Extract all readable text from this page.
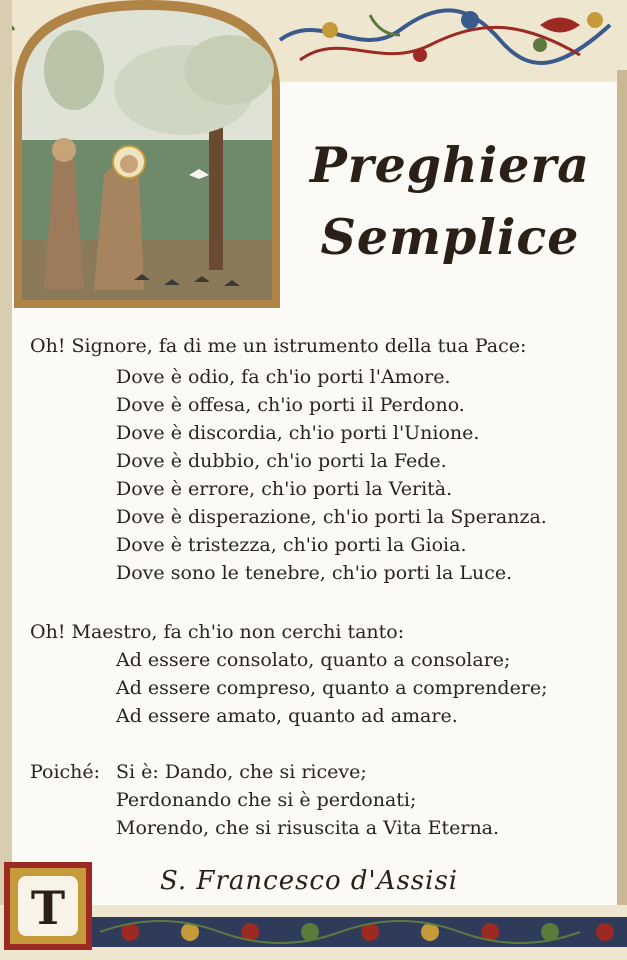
Preghiera
Semplice
Oh! Signore, fa di me un istrumento della tua Pace:
Dove è odio, fa ch'io porti l'Amore.
Dove è offesa, ch'io porti il Perdono.
Dove è discordia, ch'io porti l'Unione.
Dove è dubbio, ch'io porti la Fede.
Dove è errore, ch'io porti la Verità.
Dove è disperazione, ch'io porti la Speranza.
Dove è tristezza, ch'io porti la Gioia.
Dove sono le tenebre, ch'io porti la Luce.
Oh! Maestro, fa ch'io non cerchi tanto:
Ad essere consolato, quanto a consolare;
Ad essere compreso, quanto a comprendere;
Ad essere amato, quanto ad amare.
Poiché: Si è: Dando, che si riceve;
Perdonando che si è perdonati;
Morendo, che si risuscita a Vita Eterna.
S. Francesco d'Assisi
T
